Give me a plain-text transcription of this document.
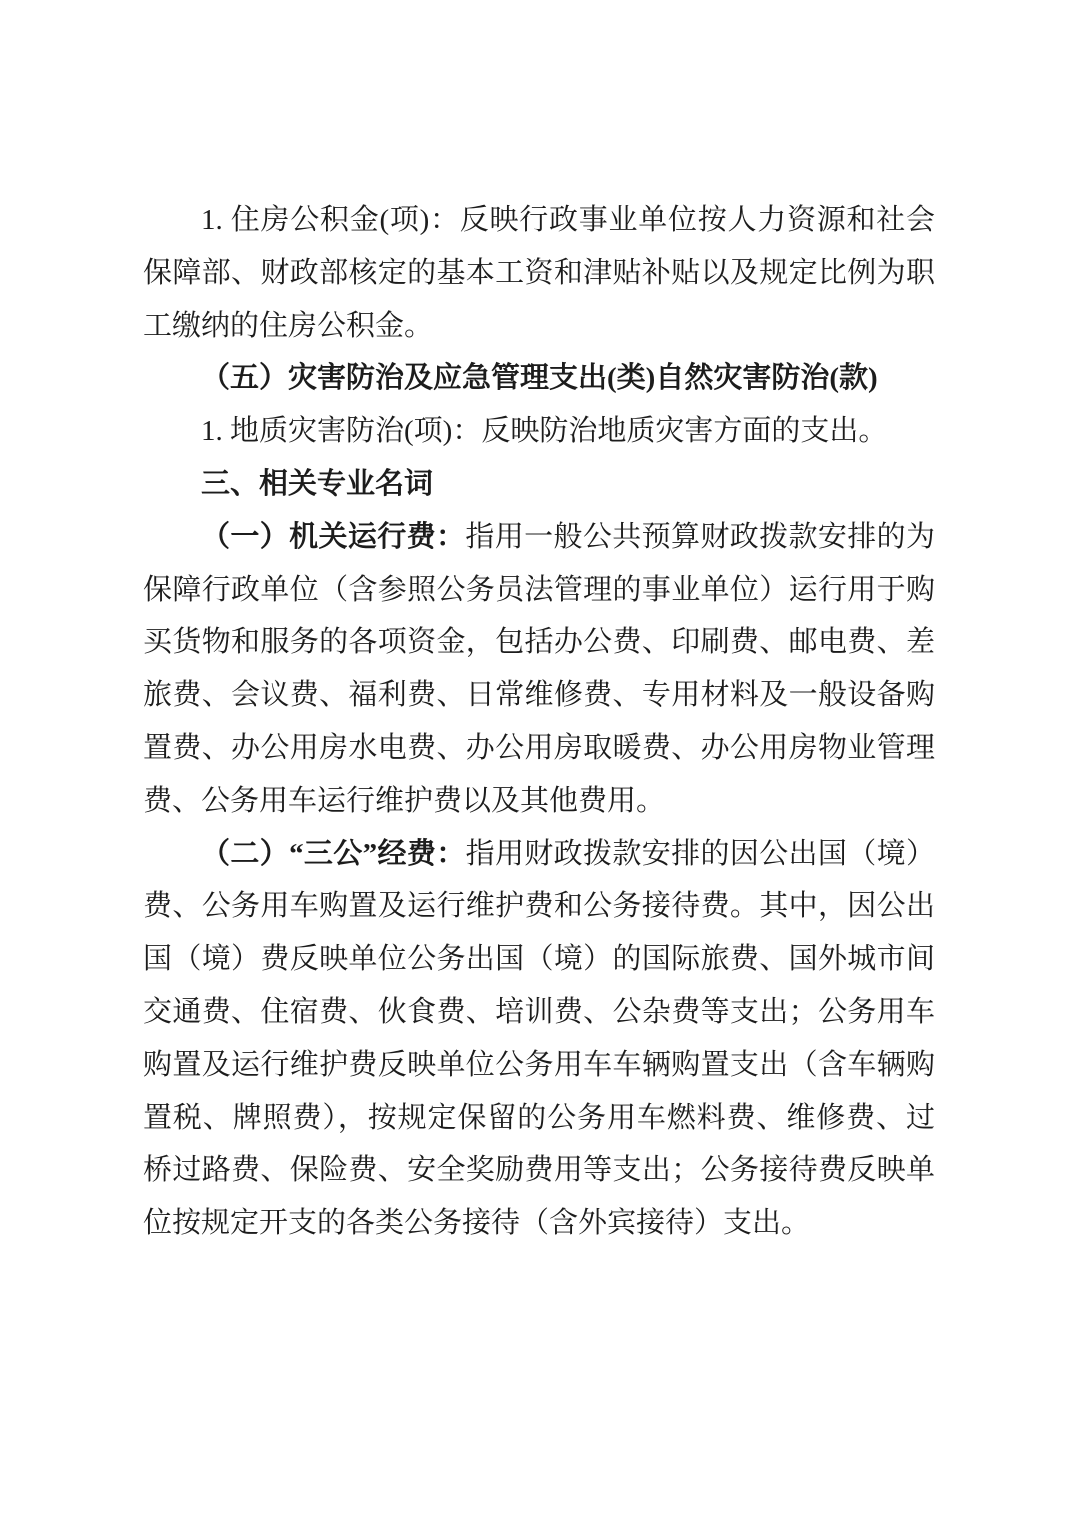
1. 住房公积金(项)：反映行政事业单位按人力资源和社会保障部、财政部核定的基本工资和津贴补贴以及规定比例为职工缴纳的住房公积金。

（五）灾害防治及应急管理支出(类)自然灾害防治(款)

1. 地质灾害防治(项)：反映防治地质灾害方面的支出。

三、相关专业名词

（一）机关运行费：指用一般公共预算财政拨款安排的为保障行政单位（含参照公务员法管理的事业单位）运行用于购买货物和服务的各项资金，包括办公费、印刷费、邮电费、差旅费、会议费、福利费、日常维修费、专用材料及一般设备购置费、办公用房水电费、办公用房取暖费、办公用房物业管理费、公务用车运行维护费以及其他费用。

（二）“三公”经费：指用财政拨款安排的因公出国（境）费、公务用车购置及运行维护费和公务接待费。其中，因公出国（境）费反映单位公务出国（境）的国际旅费、国外城市间交通费、住宿费、伙食费、培训费、公杂费等支出；公务用车购置及运行维护费反映单位公务用车车辆购置支出（含车辆购置税、牌照费），按规定保留的公务用车燃料费、维修费、过桥过路费、保险费、安全奖励费用等支出；公务接待费反映单位按规定开支的各类公务接待（含外宾接待）支出。
